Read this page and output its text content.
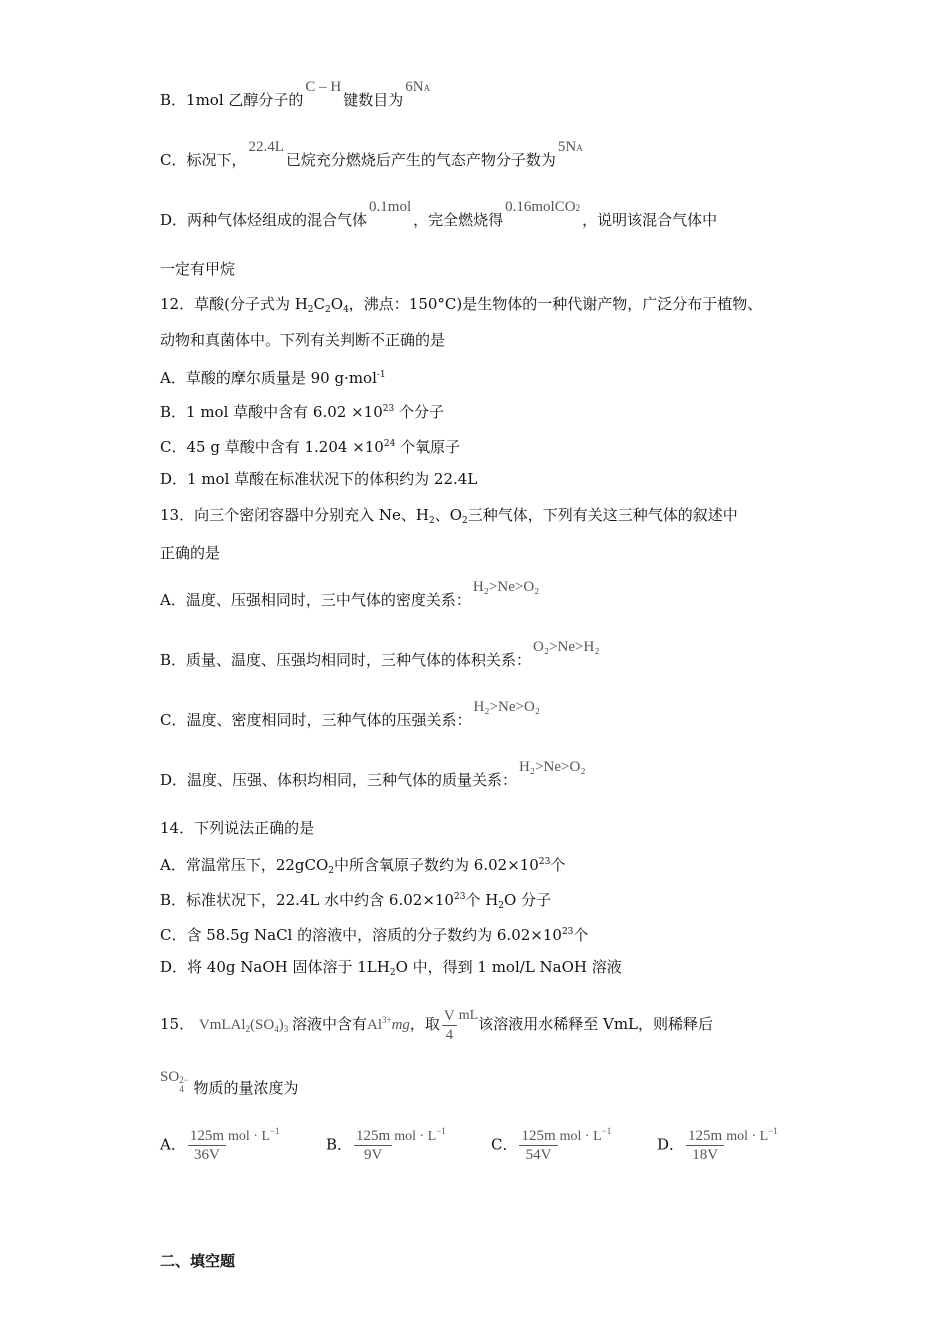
B．1mol 乙醇分子的C – H键数目为6NA
C．标况下，22.4L已烷充分燃烧后产生的气态产物分子数为5NA
D．两种气体烃组成的混合气体0.1mol，完全燃烧得0.16molCO2，说明该混合气体中
一定有甲烷
12．草酸(分子式为 $H_2C_2O_4$，沸点：150°C)是生物体的一种代谢产物，广泛分布于植物、
动物和真菌体中。下列有关判断不正确的是
A．草酸的摩尔质量是 90 g·mol$^{-1}$
B．1 mol 草酸中含有 $6.02 \times 10^{23}$ 个分子
C．45 g 草酸中含有 $1.204 \times 10^{24}$ 个氧原子
D．1 mol 草酸在标准状况下的体积约为 22.4L
13．向三个密闭容器中分别充入 Ne、$H_2$、$O_2$三种气体，下列有关这三种气体的叙述中
正确的是
A．温度、压强相同时，三中气体的密度关系：H₂>Ne>O₂
B．质量、温度、压强均相同时，三种气体的体积关系：O₂>Ne>H₂
C．温度、密度相同时，三种气体的压强关系：H₂>Ne>O₂
D．温度、压强、体积均相同，三种气体的质量关系：H₂>Ne>O₂
14．下列说法正确的是
A．常温常压下，22gCO$_2$中所含氧原子数约为 $6.02\times 10^{23}$个
B．标准状况下，22.4L 水中约含 $6.02\times 10^{23}$个 $H_2O$ 分子
C．含 58.5g NaCl 的溶液中，溶质的分子数约为 $6.02\times 10^{23}$个
D．将 40g NaOH 固体溶于 $1LH_2O$ 中，得到 1 mol/L NaOH 溶液
15． $VmLAl_2(SO_4)_3$ 溶液中含有$Al^{3+}mg$，取 $\frac{V}{4}$ mL该溶液用水稀释至 VmL，则稀释后
SO 2−
4 物质的量浓度为
A． $\frac{125m}{36V}$ mol · $L^{-1}$
B． $\frac{125m}{9V}$ mol · $L^{-1}$
C． $\frac{125m}{54V}$ mol · $L^{-1}$
D． $\frac{125m}{18V}$ mol · $L^{-1}$
二、填空题
